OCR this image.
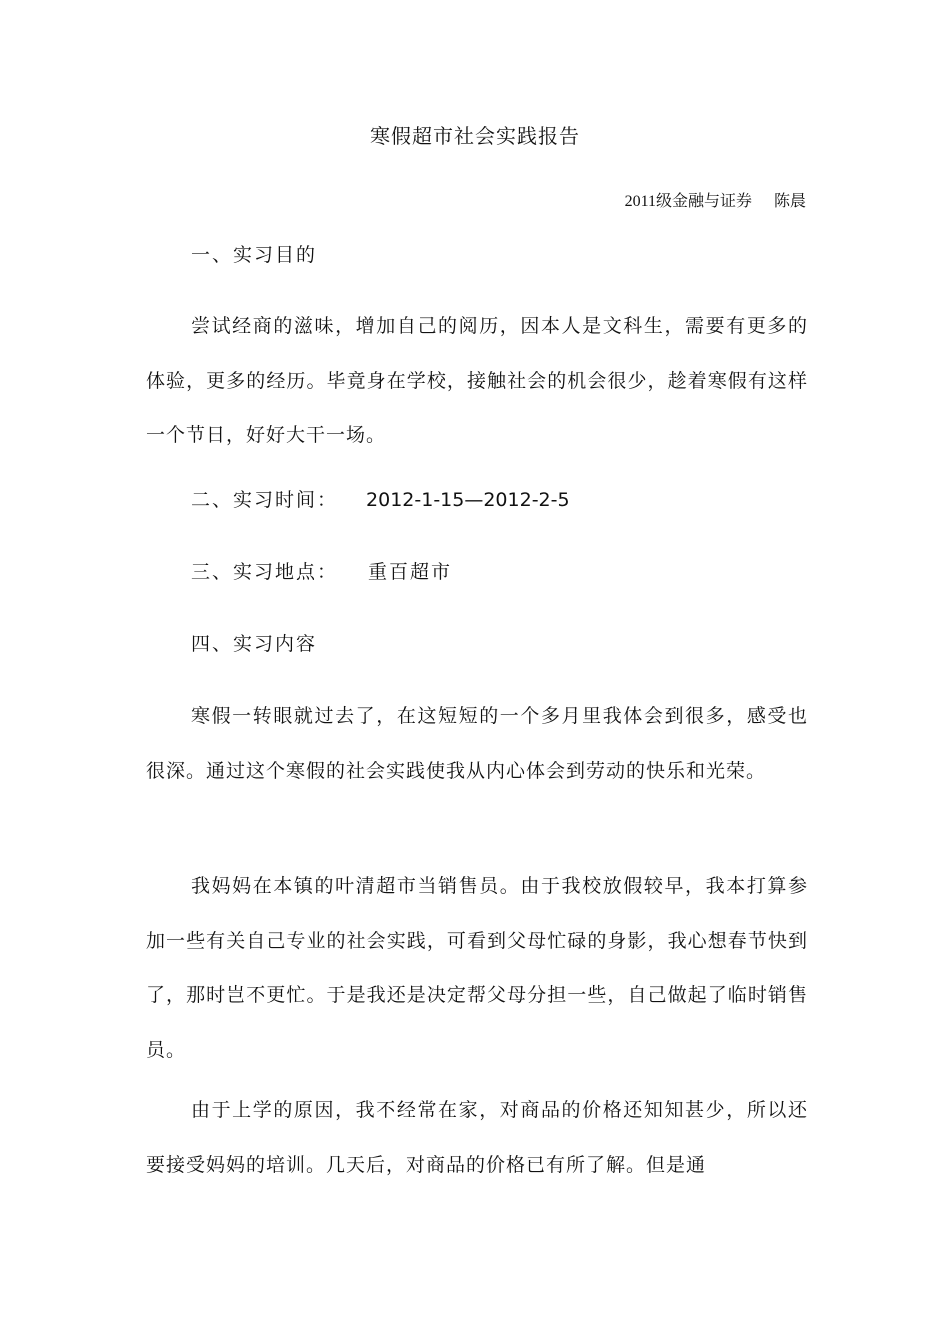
寒假超市社会实践报告
2011级金融与证券 陈晨
一、实习目的
尝试经商的滋味，增加自己的阅历，因本人是文科生，需要有更多的体验，更多的经历。毕竟身在学校，接触社会的机会很少，趁着寒假有这样一个节日，好好大干一场。
二、实习时间： 2012-1-15—2012-2-5
三、实习地点： 重百超市
四、实习内容
寒假一转眼就过去了，在这短短的一个多月里我体会到很多，感受也很深。通过这个寒假的社会实践使我从内心体会到劳动的快乐和光荣。
我妈妈在本镇的叶清超市当销售员。由于我校放假较早，我本打算参加一些有关自己专业的社会实践，可看到父母忙碌的身影，我心想春节快到了，那时岂不更忙。于是我还是决定帮父母分担一些，自己做起了临时销售员。
由于上学的原因，我不经常在家，对商品的价格还知知甚少，所以还要接受妈妈的培训。几天后，对商品的价格已有所了解。但是通
